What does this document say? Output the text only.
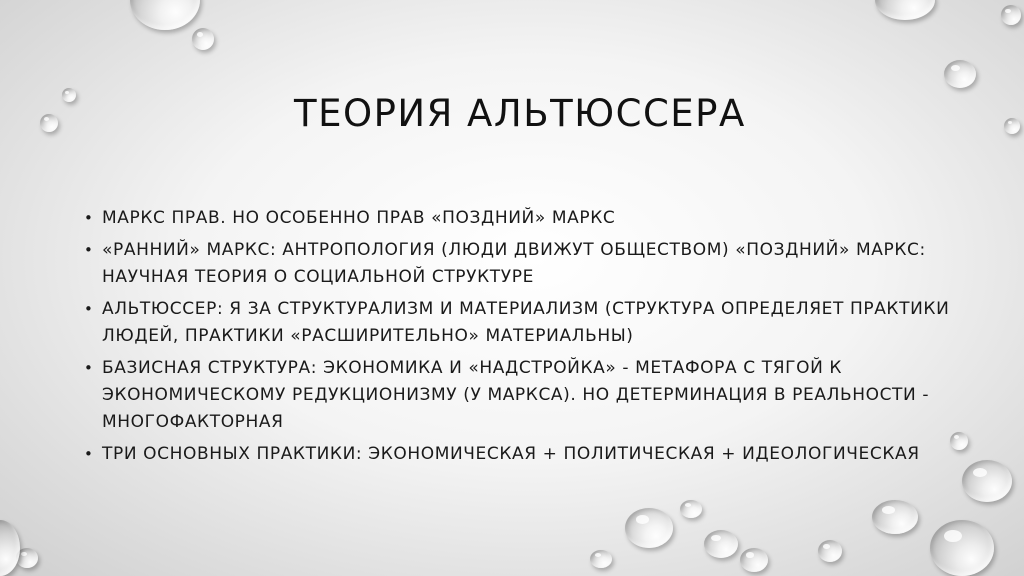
ТЕОРИЯ АЛЬТЮССЕРА
• МАРКС ПРАВ. НО ОСОБЕННО ПРАВ «ПОЗДНИЙ» МАРКС
• «РАННИЙ» МАРКС: АНТРОПОЛОГИЯ (ЛЮДИ ДВИЖУТ ОБЩЕСТВОМ) «ПОЗДНИЙ» МАРКС: НАУЧНАЯ ТЕОРИЯ О СОЦИАЛЬНОЙ СТРУКТУРЕ
• АЛЬТЮССЕР: Я ЗА СТРУКТУРАЛИЗМ И МАТЕРИАЛИЗМ (СТРУКТУРА ОПРЕДЕЛЯЕТ ПРАКТИКИ ЛЮДЕЙ, ПРАКТИКИ «РАСШИРИТЕЛЬНО» МАТЕРИАЛЬНЫ)
• БАЗИСНАЯ СТРУКТУРА: ЭКОНОМИКА И «НАДСТРОЙКА» - МЕТАФОРА С ТЯГОЙ К ЭКОНОМИЧЕСКОМУ РЕДУКЦИОНИЗМУ (У МАРКСА). НО ДЕТЕРМИНАЦИЯ В РЕАЛЬНОСТИ - МНОГОФАКТОРНАЯ
• ТРИ ОСНОВНЫХ ПРАКТИКИ: ЭКОНОМИЧЕСКАЯ + ПОЛИТИЧЕСКАЯ + ИДЕОЛОГИЧЕСКАЯ
